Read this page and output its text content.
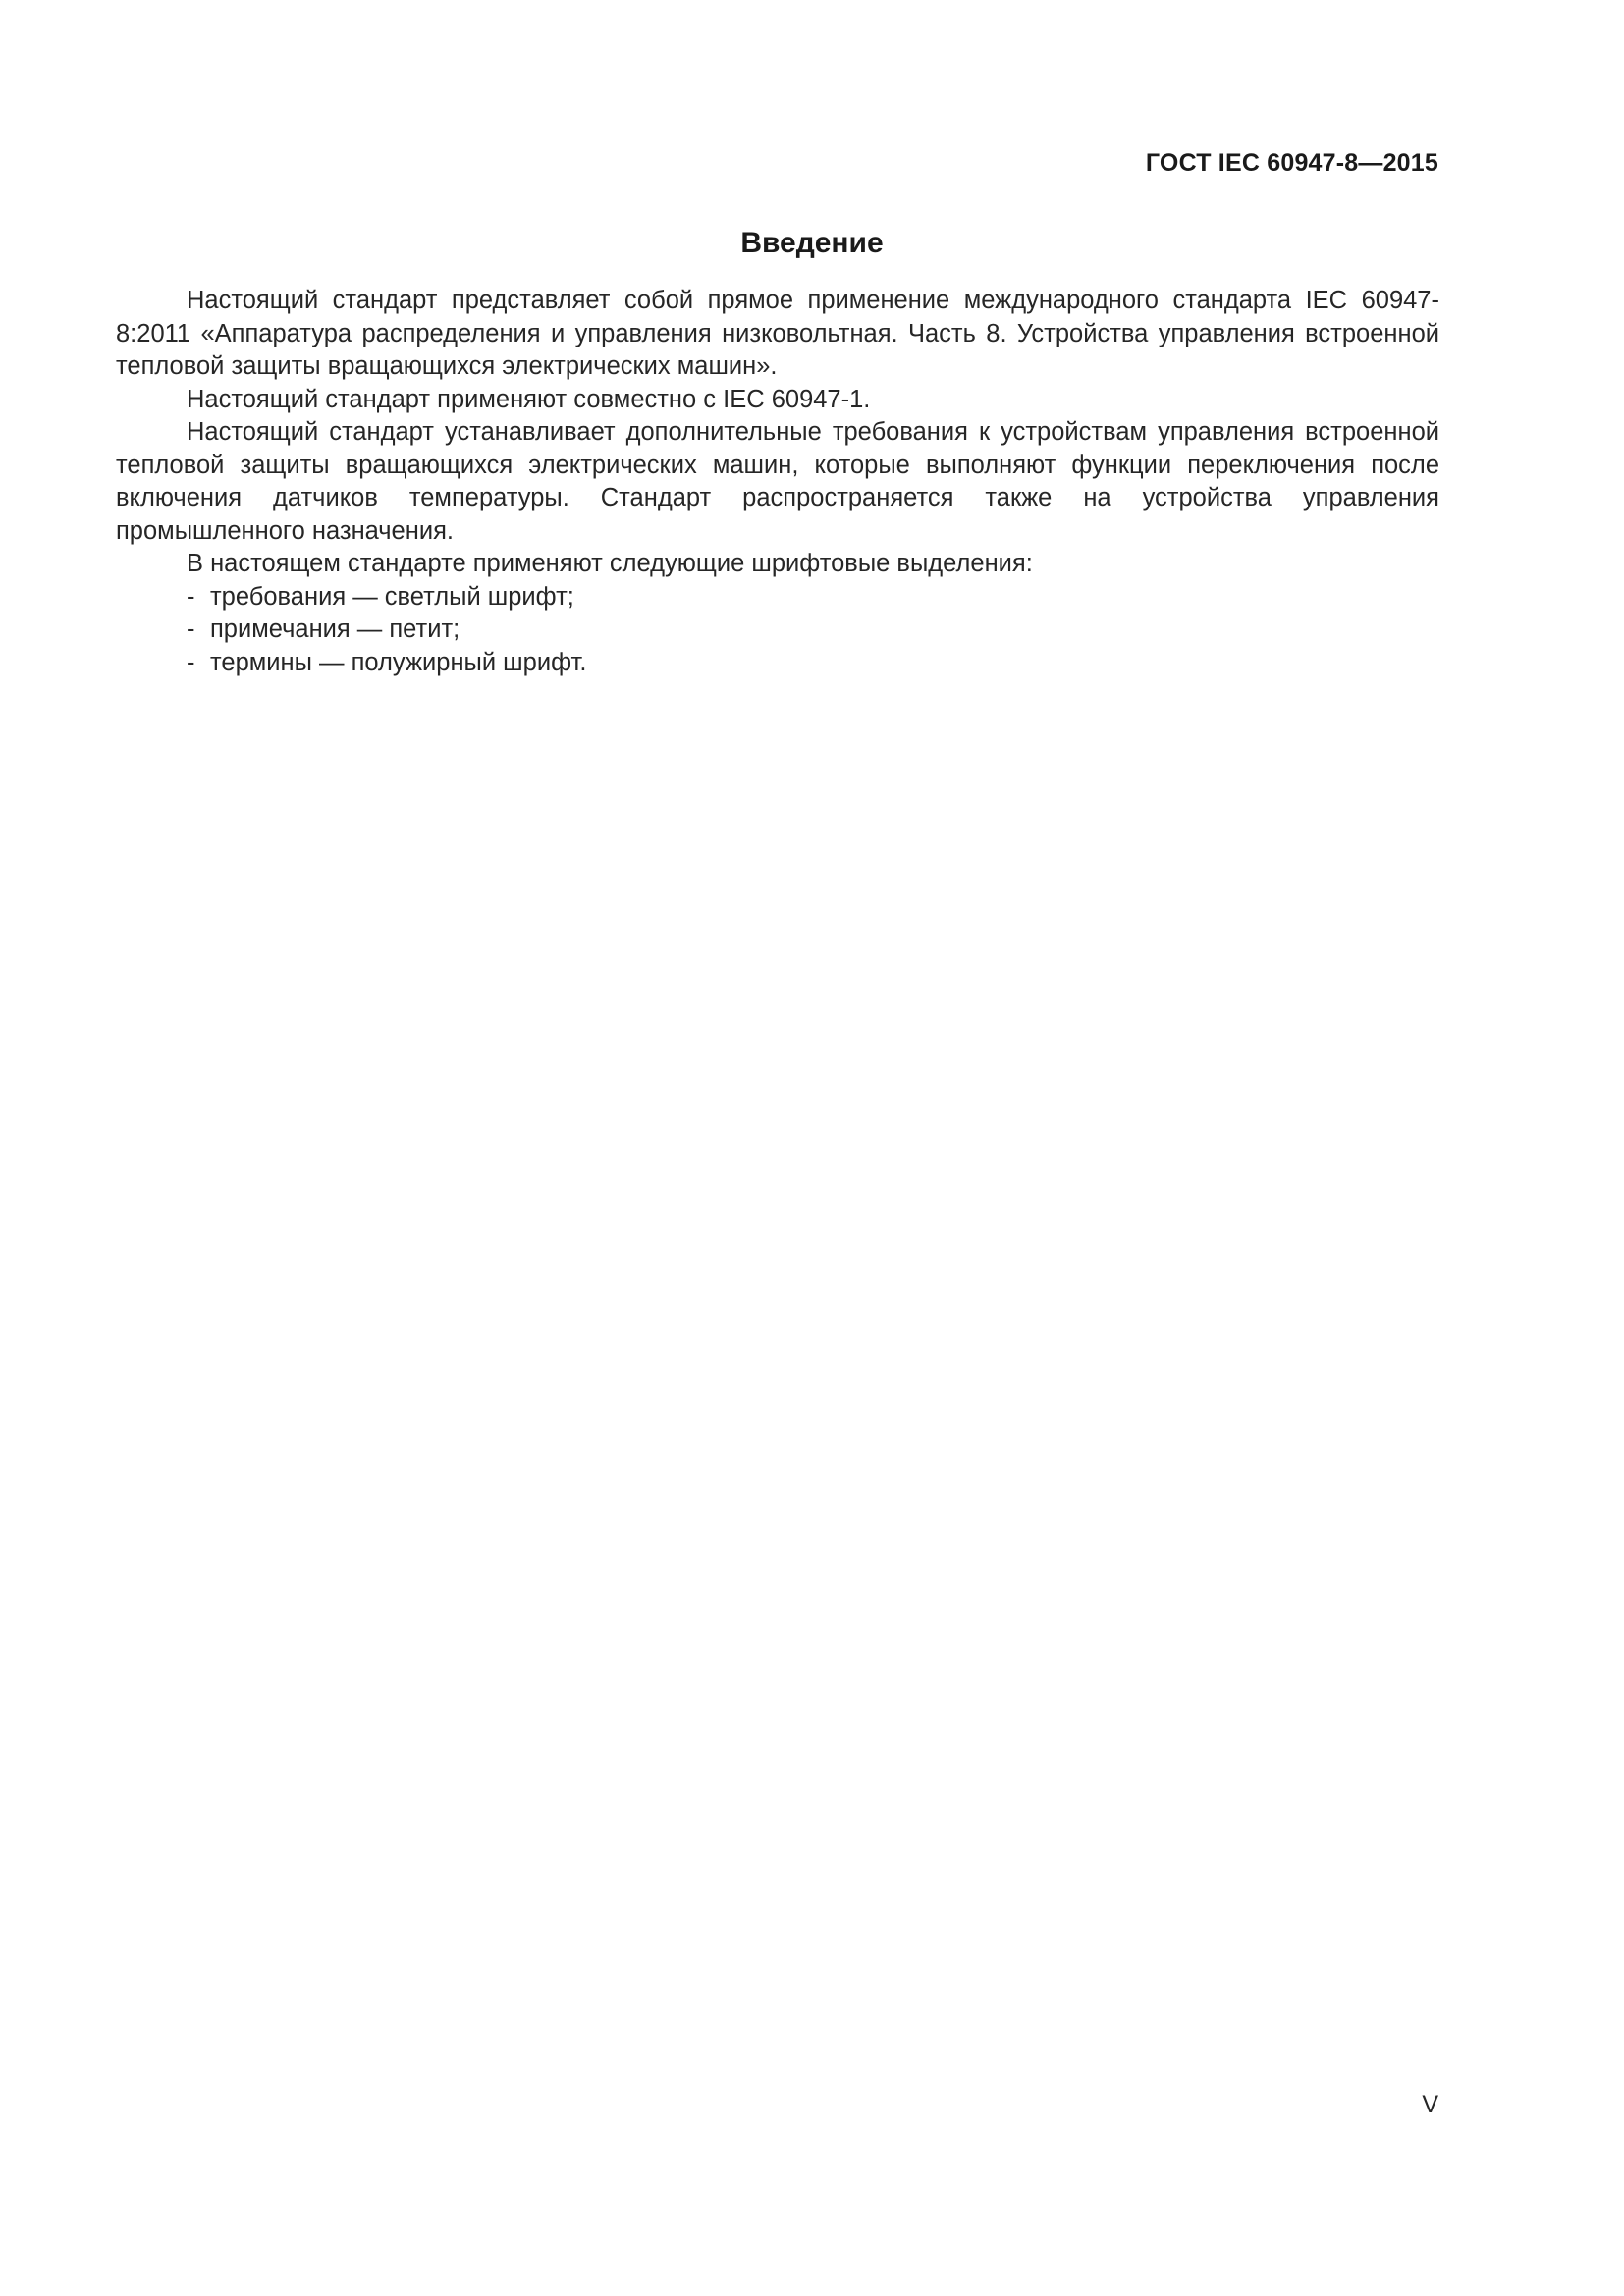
ГОСТ IEC 60947-8—2015
Введение

Настоящий стандарт представляет собой прямое применение международного стандарта IEC 60947-8:2011 «Аппаратура распределения и управления низковольтная. Часть 8. Устройства управления встроенной тепловой защиты вращающихся электрических машин».

Настоящий стандарт применяют совместно с IEC 60947-1.

Настоящий стандарт устанавливает дополнительные требования к устройствам управления встроенной тепловой защиты вращающихся электрических машин, которые выполняют функции переключения после включения датчиков температуры. Стандарт распространяется также на устройства управления промышленного назначения.

В настоящем стандарте применяют следующие шрифтовые выделения:

- требования — светлый шрифт;
- примечания — петит;
- термины — полужирный шрифт.
V
